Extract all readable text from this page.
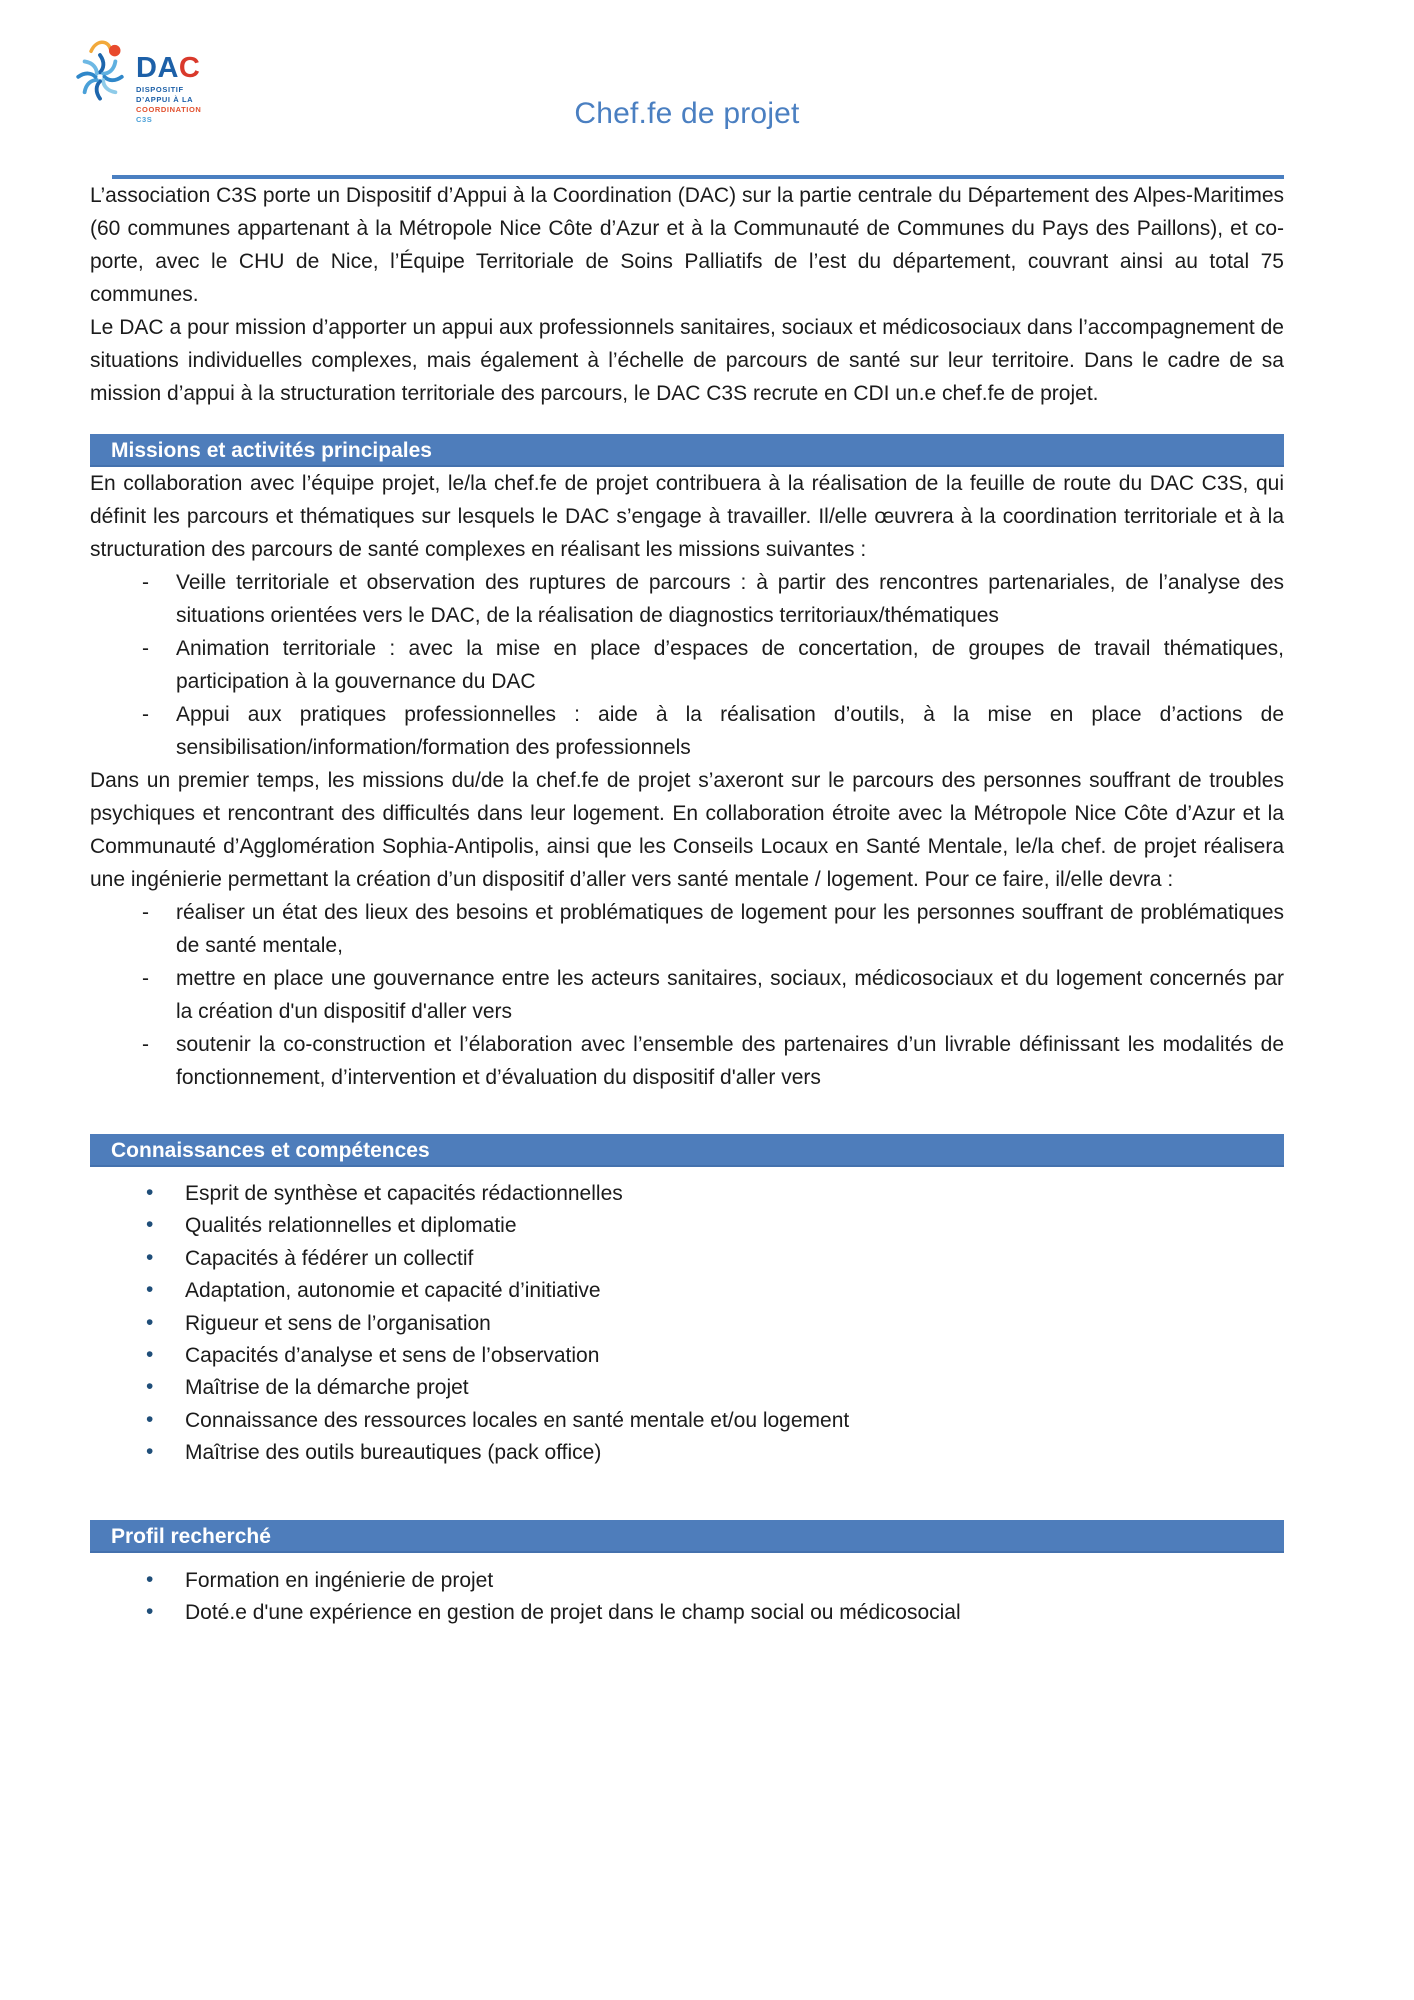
DAC
DISPOSITIF
D’APPUI À LA
COORDINATION
C3S	Chef.fe de projet

L’association C3S porte un Dispositif d’Appui à la Coordination (DAC) sur la partie centrale du Département des Alpes-Maritimes (60 communes appartenant à la Métropole Nice Côte d’Azur et à la Communauté de Communes du Pays des Paillons), et co-porte, avec le CHU de Nice, l’Équipe Territoriale de Soins Palliatifs de l’est du département, couvrant ainsi au total 75 communes.

Le DAC a pour mission d’apporter un appui aux professionnels sanitaires, sociaux et médicosociaux dans l’accompagnement de situations individuelles complexes, mais également à l’échelle de parcours de santé sur leur territoire. Dans le cadre de sa mission d’appui à la structuration territoriale des parcours, le DAC C3S recrute en CDI un.e chef.fe de projet.

Missions et activités principales

En collaboration avec l’équipe projet, le/la chef.fe de projet contribuera à la réalisation de la feuille de route du DAC C3S, qui définit les parcours et thématiques sur lesquels le DAC s’engage à travailler. Il/elle œuvrera à la coordination territoriale et à la structuration des parcours de santé complexes en réalisant les missions suivantes :

- Veille territoriale et observation des ruptures de parcours : à partir des rencontres partenariales, de l’analyse des situations orientées vers le DAC, de la réalisation de diagnostics territoriaux/thématiques
- Animation territoriale : avec la mise en place d’espaces de concertation, de groupes de travail thématiques, participation à la gouvernance du DAC
- Appui aux pratiques professionnelles : aide à la réalisation d’outils, à la mise en place d’actions de sensibilisation/information/formation des professionnels

Dans un premier temps, les missions du/de la chef.fe de projet s’axeront sur le parcours des personnes souffrant de troubles psychiques et rencontrant des difficultés dans leur logement. En collaboration étroite avec la Métropole Nice Côte d’Azur et la Communauté d’Agglomération Sophia-Antipolis, ainsi que les Conseils Locaux en Santé Mentale, le/la chef. de projet réalisera une ingénierie permettant la création d’un dispositif d’aller vers santé mentale / logement. Pour ce faire, il/elle devra :

- réaliser un état des lieux des besoins et problématiques de logement pour les personnes souffrant de problématiques de santé mentale,
- mettre en place une gouvernance entre les acteurs sanitaires, sociaux, médicosociaux et du logement concernés par la création d'un dispositif d'aller vers
- soutenir la co-construction et l’élaboration avec l’ensemble des partenaires d’un livrable définissant les modalités de fonctionnement, d’intervention et d’évaluation du dispositif d'aller vers
Connaissances et compétences
• Esprit de synthèse et capacités rédactionnelles
• Qualités relationnelles et diplomatie
• Capacités à fédérer un collectif
• Adaptation, autonomie et capacité d’initiative
• Rigueur et sens de l’organisation
• Capacités d’analyse et sens de l’observation
• Maîtrise de la démarche projet
• Connaissance des ressources locales en santé mentale et/ou logement
• Maîtrise des outils bureautiques (pack office)
Profil recherché
• Formation en ingénierie de projet
• Doté.e d'une expérience en gestion de projet dans le champ social ou médicosocial
